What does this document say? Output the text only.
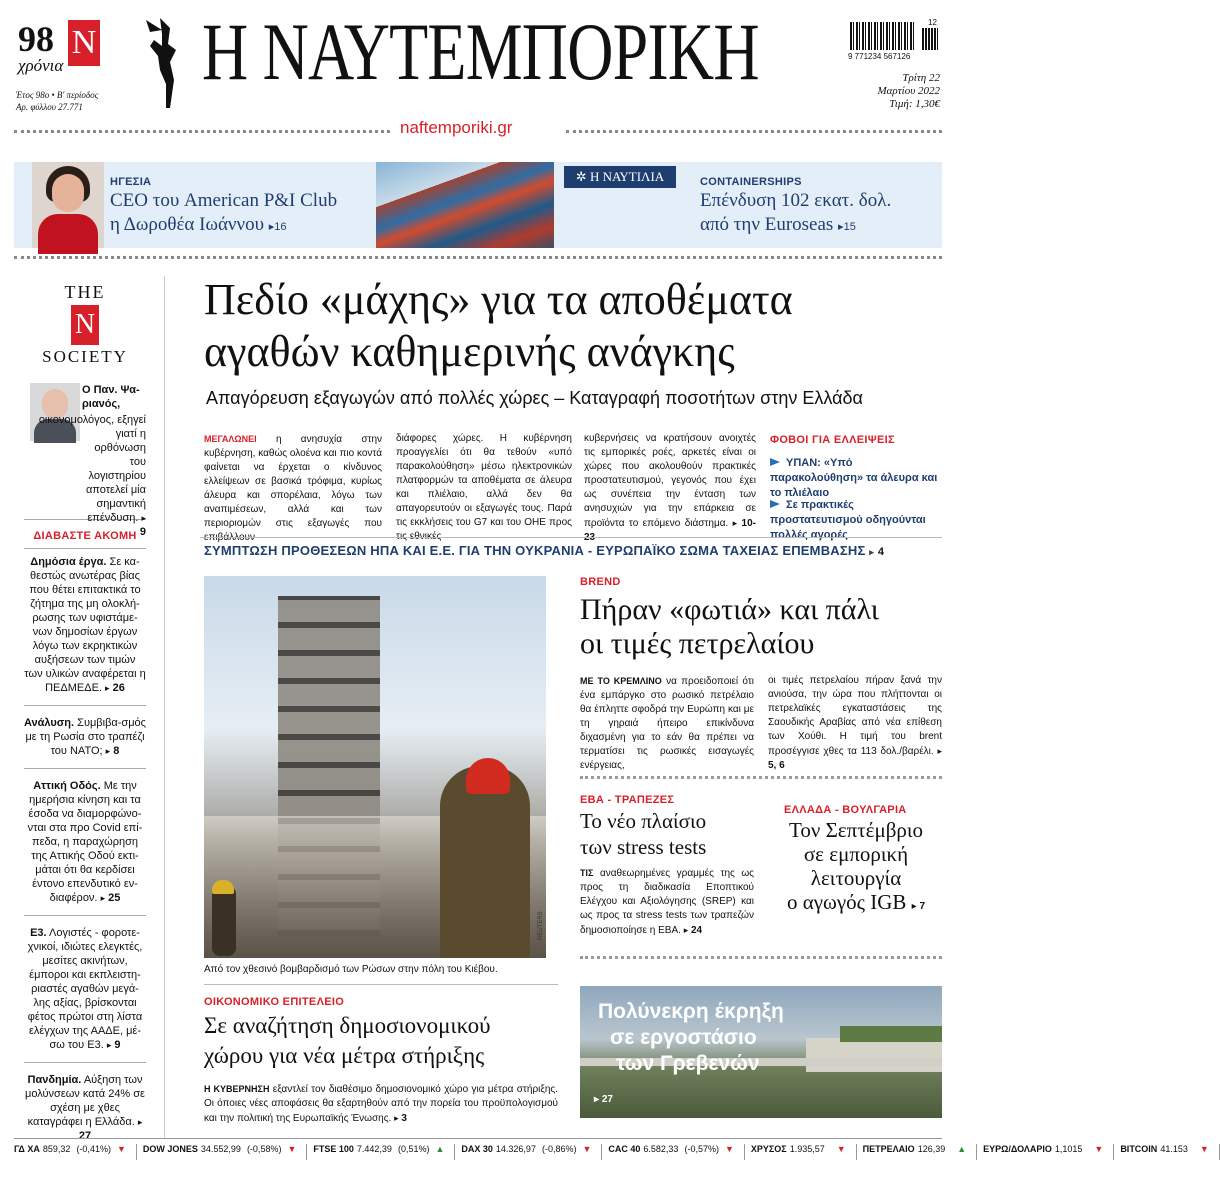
98 N
χρόνια
Έτος 98ο • Β' περίοδος
Αρ. φύλλου 27.771
Η ΝΑΥΤΕΜΠΟΡΙΚΗ
naftemporiki.gr
12
9 771234 567126
Τρίτη 22
Μαρτίου 2022
Τιμή: 1,30€
ΗΓΕΣΙΑ
CEO του American P&I Club
η Δωροθέα Ιωάννου ▸16
✲ Η ΝΑΥΤΙΛΙΑ	CONTAINERSHIPS
Επένδυση 102 εκατ. δολ.
από την Euroseas ▸15
THE
N
SOCIETY
Ο Παν. Ψα-ριανός,
οικονομολόγος, εξηγεί γιατί η ορθόνωση του λογιστηρίου αποτελεί μία σημαντική επένδυση. ▸ 9
ΔΙΑΒΑΣΤΕ ΑΚΟΜΗ

Δημόσια έργα. Σε κα-θεστώς ανωτέρας βίας που θέτει επιτακτικά το ζήτημα της μη ολοκλή-ρωσης των υφιστάμε-νων δημοσίων έργων λόγω των εκρηκτικών αυξήσεων των τιμών των υλικών αναφέρεται η ΠΕΔΜΕΔΕ. ▸ 26

Ανάλυση. Συμβιβα-σμός με τη Ρωσία στο τραπέζι του ΝΑΤΟ; ▸ 8

Αττική Οδός. Με την ημερήσια κίνηση και τα έσοδα να διαμορφώνο-νται στα προ Covid επί-πεδα, η παραχώρηση της Αττικής Οδού εκτι-μάται ότι θα κερδίσει έντονο επενδυτικό εν-διαφέρον. ▸ 25

Ε3. Λογιστές - φοροτε-χνικοί, ιδιώτες ελεγκτές, μεσίτες ακινήτων, έμποροι και εκπλειστη-ριαστές αγαθών μεγά-λης αξίας, βρίσκονται φέτος πρώτοι στη λίστα ελέγχων της ΑΑΔΕ, μέ-σω του Ε3. ▸ 9

Πανδημία. Αύξηση των μολύνσεων κατά 24% σε σχέση με χθες καταγράφει η Ελλάδα. ▸ 27

Πεδίο «μάχης» για τα αποθέματα
αγαθών καθημερινής ανάγκης
Απαγόρευση εξαγωγών από πολλές χώρες – Καταγραφή ποσοτήτων στην Ελλάδα
ΜΕΓΑΛΩΝΕΙ η ανησυχία στην κυβέρνηση, καθώς ολοένα και πιο κοντά φαίνεται να έρχεται ο κίνδυνος ελλείψεων σε βασικά τρόφιμα, κυρίως άλευρα και σπορέλαια, λόγω των αναπιμέσεων, αλλά και των περιοριομών στις εξαγωγές που επιβάλλουν
διάφορες χώρες. Η κυβέρνηση προαγγελίει ότι θα τεθούν «υπό παρακολούθηση» μέσω ηλεκτρονικών πλατφορμών τα αποθέματα σε άλευρα και πλιέλαιο, αλλά δεν θα απαγορευτούν οι εξαγωγές τους. Παρά τις εκκλήσεις του G7 και του ΟΗΕ προς τις εθνικές
κυβερνήσεις να κρατήσουν ανοιχτές τις εμπορικές ροές, αρκετές είναι οι χώρες που ακολουθούν πρακτικές προστατευτισμού, γεγονός που έχει ως συνέπεια την ένταση των ανησυχιών για την επάρκεια σε προϊόντα το επόμενο διάστημα. ▸ 10-23
ΦΟΒΟΙ ΓΙΑ ΕΛΛΕΙΨΕΙΣ
ΥΠΑΝ: «Υπό παρακολούθηση» τα άλευρα και το πλιέλαιο
Σε πρακτικές προστατευτισμού οδηγούνται πολλές αγορές
ΣΥΜΠΤΩΣΗ ΠΡΟΘΕΣΕΩΝ ΗΠΑ ΚΑΙ Ε.Ε. ΓΙΑ ΤΗΝ ΟΥΚΡΑΝΙΑ - ΕΥΡΩΠΑΪΚΟ ΣΩΜΑ ΤΑΧΕΙΑΣ ΕΠΕΜΒΑΣΗΣ ▸ 4
REUTERS
Από τον χθεσινό βομβαρδισμό των Ρώσων στην πόλη του Κιέβου.
BREND
Πήραν «φωτιά» και πάλι
οι τιμές πετρελαίου
ΜΕ ΤΟ ΚΡΕΜΛΙΝΟ να προειδοποιεί ότι ένα εμπάργκο στο ρωσικό πετρέλαιο θα έπληττε σφοδρά την Ευρώπη και με τη γηραιά ήπειρο επικίνδυνα διχασμένη για το εάν θα πρέπει να τερματίσει τις ρωσικές εισαγωγές ενέργειας,
οι τιμές πετρελαίου πήραν ξανά την ανιούσα, την ώρα που πλήττονται οι πετρελαϊκές εγκαταστάσεις της Σαουδικής Αραβίας από νέα επίθεση των Χούθι. Η τιμή του brent προσέγγισε χθες τα 113 δολ./βαρέλι. ▸ 5, 6
ΕΒΑ - ΤΡΑΠΕΖΕΣ
Το νέο πλαίσιο
των stress tests
ΤΙΣ αναθεωρημένες γραμμές της ως προς τη διαδικασία Εποπτικού Ελέγχου και Αξιολόγησης (SREP) και ως προς τα stress tests των τραπεζών δημοσιοποίησε η ΕΒΑ. ▸ 24
ΕΛΛΑΔΑ - ΒΟΥΛΓΑΡΙΑ
Τον Σεπτέμβριο
σε εμπορική
λειτουργία
ο αγωγός IGB ▸ 7
ΟΙΚΟΝΟΜΙΚΟ ΕΠΙΤΕΛΕΙΟ
Σε αναζήτηση δημοσιονομικού
χώρου για νέα μέτρα στήριξης
Η ΚΥΒΕΡΝΗΣΗ εξαντλεί τον διαθέσιμο δημοσιονομικό χώρο για μέτρα στήριξης. Οι όποιες νέες αποφάσεις θα εξαρτηθούν από την πορεία του προϋπολογισμού και την πολιτική της Ευρωπαϊκής Ένωσης. ▸ 3
Πολύνεκρη έκρηξη
σε εργοστάσιο
των Γρεβενών
▸ 27
ΓΔ ΧΑ 859,32 (-0,41%) ▼	DOW JONES 34.552,99 (-0,58%) ▼	FTSE 100 7.442,39 (0,51%) ▲	DAX 30 14.326,97 (-0,86%) ▼	CAC 40 6.582,33 (-0,57%) ▼	ΧΡΥΣΟΣ 1.935,57 ▼	ΠΕΤΡΕΛΑΙΟ 126,39 ▲	ΕΥΡΩ/ΔΟΛΑΡΙΟ 1,1015 ▼	BITCOIN 41.153 ▼
